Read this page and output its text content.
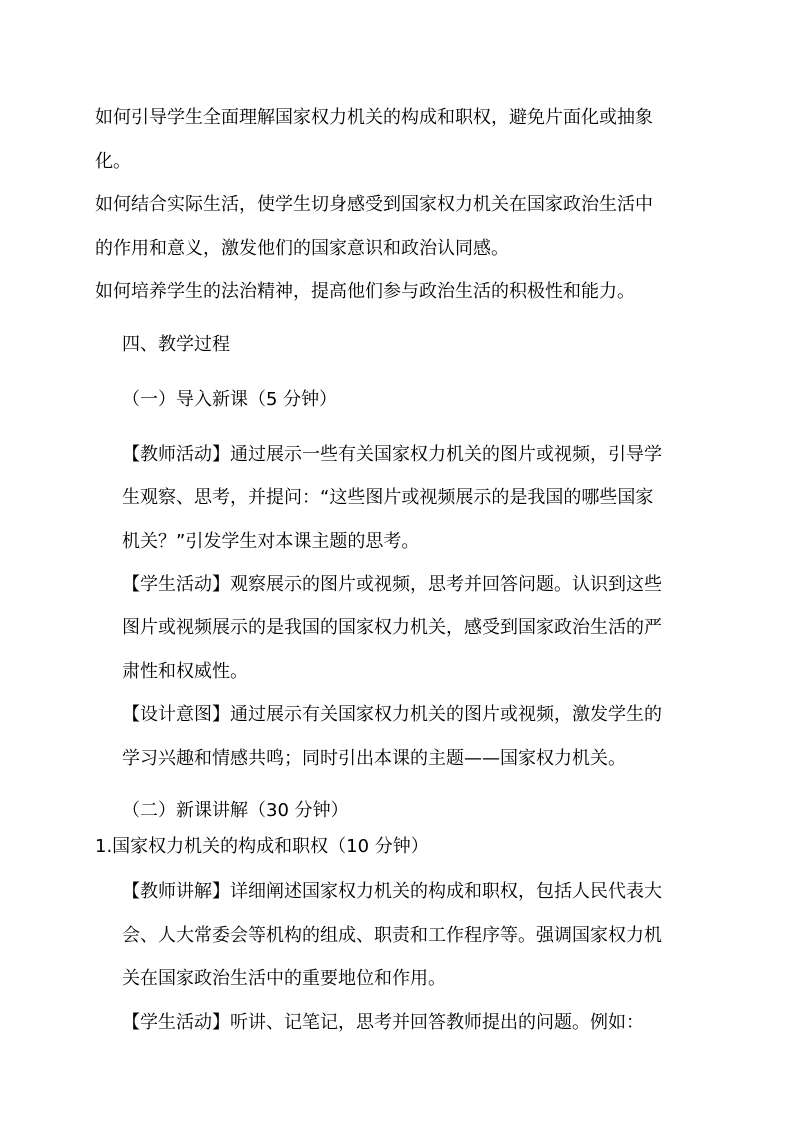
如何引导学生全面理解国家权力机关的构成和职权，避免片面化或抽象
化。
如何结合实际生活，使学生切身感受到国家权力机关在国家政治生活中
的作用和意义，激发他们的国家意识和政治认同感。
如何培养学生的法治精神，提高他们参与政治生活的积极性和能力。
四、教学过程
（一）导入新课（5 分钟）
【教师活动】通过展示一些有关国家权力机关的图片或视频，引导学
生观察、思考，并提问：“这些图片或视频展示的是我国的哪些国家
机关？”引发学生对本课主题的思考。
【学生活动】观察展示的图片或视频，思考并回答问题。认识到这些
图片或视频展示的是我国的国家权力机关，感受到国家政治生活的严
肃性和权威性。
【设计意图】通过展示有关国家权力机关的图片或视频，激发学生的
学习兴趣和情感共鸣；同时引出本课的主题——国家权力机关。
（二）新课讲解（30 分钟）
1.国家权力机关的构成和职权（10 分钟）
【教师讲解】详细阐述国家权力机关的构成和职权，包括人民代表大
会、人大常委会等机构的组成、职责和工作程序等。强调国家权力机
关在国家政治生活中的重要地位和作用。
【学生活动】听讲、记笔记，思考并回答教师提出的问题。例如：
